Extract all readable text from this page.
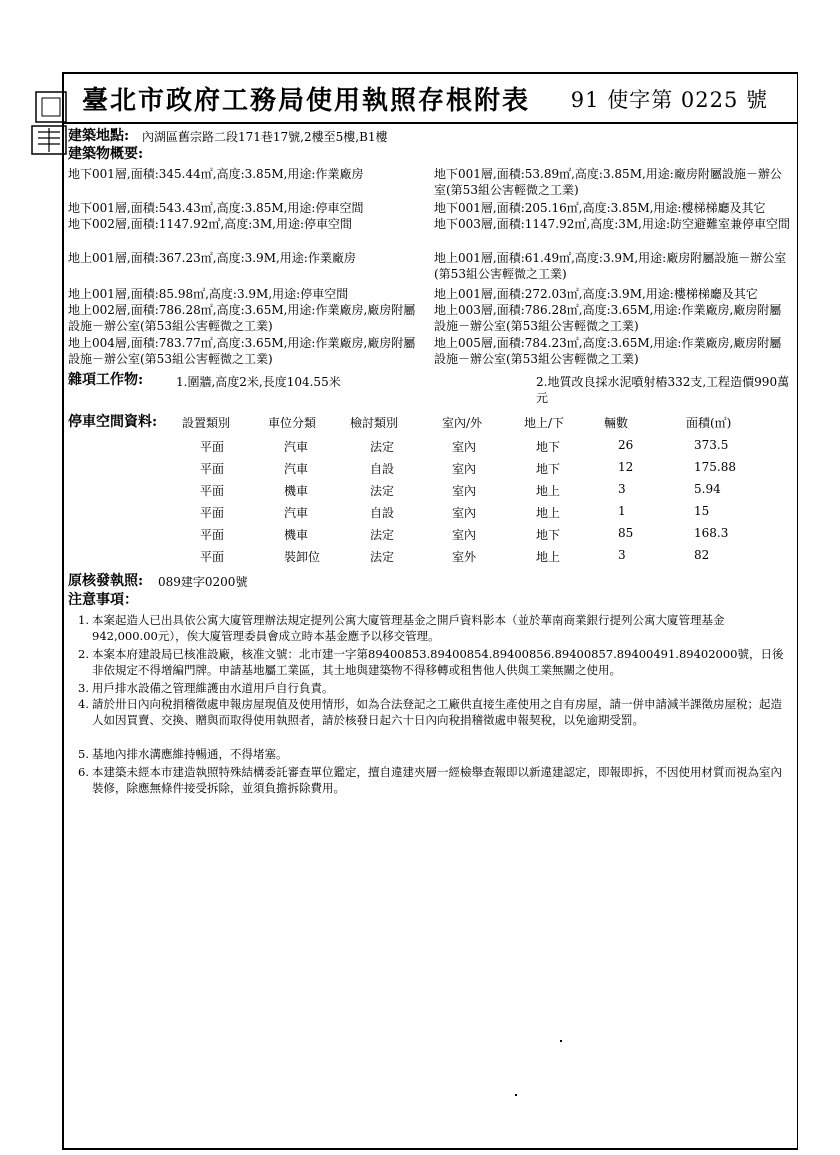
臺北市政府工務局使用執照存根附表 91 使字第 0225 號
建築地點: 內湖區舊宗路二段171巷17號,2樓至5樓,B1樓
建築物概要:
地下001層,面積:345.44㎡,高度:3.85M,用途:作業廠房
地下001層,面積:543.43㎡,高度:3.85M,用途:停車空間
地下002層,面積:1147.92㎡,高度:3M,用途:停車空間
地上001層,面積:367.23㎡,高度:3.9M,用途:作業廠房
地上001層,面積:85.98㎡,高度:3.9M,用途:停車空間
地上002層,面積:786.28㎡,高度:3.65M,用途:作業廠房,廠房附屬設施－辦公室(第53組公害輕微之工業)
地上004層,面積:783.77㎡,高度:3.65M,用途:作業廠房,廠房附屬設施－辦公室(第53組公害輕微之工業)
地下001層,面積:53.89㎡,高度:3.85M,用途:廠房附屬設施－辦公室(第53組公害輕微之工業)
地下001層,面積:205.16㎡,高度:3.85M,用途:樓梯梯廳及其它
地下003層,面積:1147.92㎡,高度:3M,用途:防空避難室兼停車空間
地上001層,面積:61.49㎡,高度:3.9M,用途:廠房附屬設施－辦公室(第53組公害輕微之工業)
地上001層,面積:272.03㎡,高度:3.9M,用途:樓梯梯廳及其它
地上003層,面積:786.28㎡,高度:3.65M,用途:作業廠房,廠房附屬設施－辦公室(第53組公害輕微之工業)
地上005層,面積:784.23㎡,高度:3.65M,用途:作業廠房,廠房附屬設施－辦公室(第53組公害輕微之工業)
雜項工作物:	1.圍牆,高度2米,長度104.55米	2.地質改良採水泥噴射樁332支,工程造價990萬元
停車空間資料: 設置類別	車位分類	檢討類別	室內/外	地上/下	輛數	面積(㎡)
平面	汽車	法定	室內	地下	26	373.5
平面	汽車	自設	室內	地下	12	175.88
平面	機車	法定	室內	地上	3	5.94
平面	汽車	自設	室內	地上	1	15
平面	機車	法定	室內	地下	85	168.3
平面	裝卸位	法定	室外	地上	3	82
原核發執照: 089建字0200號
注意事項：
1. 本案起造人已出具依公寓大廈管理辦法規定提列公寓大廈管理基金之開戶資料影本（並於華南商業銀行提列公寓大廈管理基金942,000.00元），俟大廈管理委員會成立時本基金應予以移交管理。
2. 本案本府建設局已核准設廠，核准文號：北市建一字第89400853.89400854.89400856.89400857.89400491.89402000號，日後非依規定不得增編門牌。申請基地屬工業區，其土地與建築物不得移轉或租售他人供與工業無關之使用。
3. 用戶排水設備之管理維護由水道用戶自行負責。
4. 請於卅日內向稅捐稽徵處申報房屋現值及使用情形，如為合法登記之工廠供直接生產使用之自有房屋，請一併申請減半課徵房屋稅；起造人如因買賣、交換、贈與而取得使用執照者，請於核發日起六十日內向稅捐稽徵處申報契稅，以免逾期受罰。
5. 基地內排水溝應維持暢通，不得堵塞。
6. 本建築未經本市建造執照特殊結構委託審查單位鑑定，擅自違建夾層一經檢舉查報即以新違建認定，即報即拆，不因使用材質而視為室內裝修，除應無條件接受拆除，並須負擔拆除費用。
